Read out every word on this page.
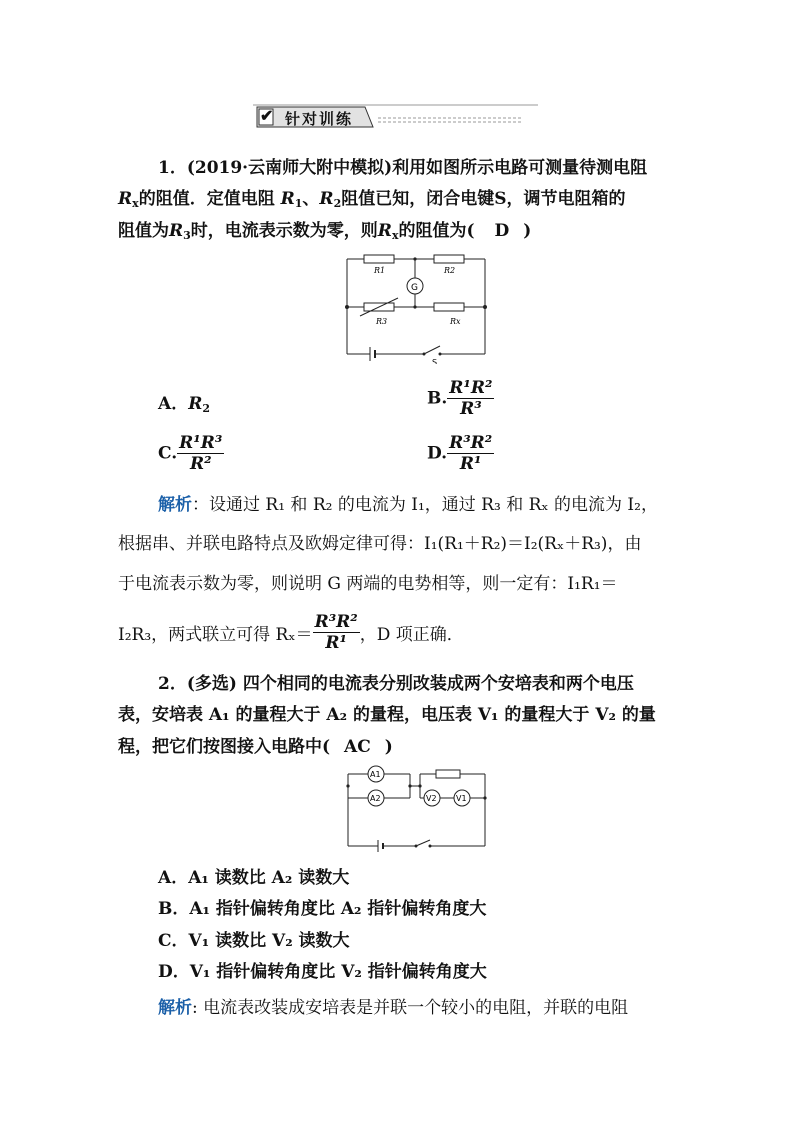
✔ 针对训练
1．(2019·云南师大附中模拟)利用如图所示电路可测量待测电阻
$R_x$的阻值．定值电阻 $R_1$、$R_2$阻值已知，闭合电键S，调节电阻箱的
阻值为$R_3$时，电流表示数为零，则$R_x$的阻值为( D )
R1	R2
G
R3	Rx
S
A．$R_2$	B. $\frac{\text{R¹R²}}{\text{R³}}$
C. $\frac{\text{R¹R³}}{\text{R²}}$	D. $\frac{\text{R³R²}}{\text{R¹}}$
解析：设通过 R₁ 和 R₂ 的电流为 I₁，通过 R₃ 和 Rₓ 的电流为 I₂，
根据串、并联电路特点及欧姆定律可得：I₁(R₁＋R₂)＝I₂(Rₓ＋R₃)，由
于电流表示数为零，则说明 G 两端的电势相等，则一定有：I₁R₁＝
I₂R₃，两式联立可得 $R_x= \frac{\text{R³R²}}{\text{R¹}}$ ，D 项正确．
2．(多选) 四个相同的电流表分别改装成两个安培表和两个电压
表，安培表 A₁ 的量程大于 A₂ 的量程，电压表 V₁ 的量程大于 V₂ 的量
程，把它们按图接入电路中( AC )
A1
A2	V2 V1
A．A₁ 读数比 A₂ 读数大
B．A₁ 指针偏转角度比 A₂ 指针偏转角度大
C．V₁ 读数比 V₂ 读数大
D．V₁ 指针偏转角度比 V₂ 指针偏转角度大
解析: 电流表改装成安培表是并联一个较小的电阻，并联的电阻
